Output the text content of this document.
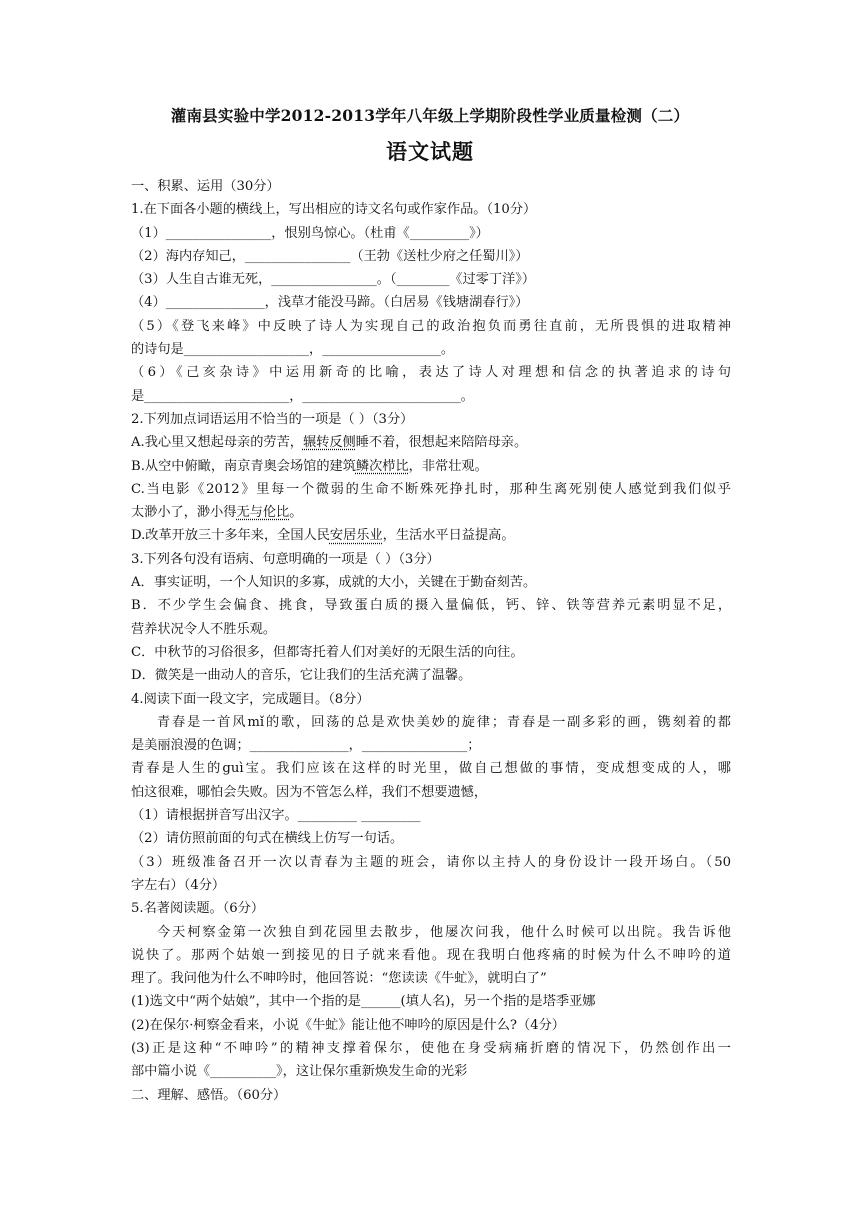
灌南县实验中学2012-2013学年八年级上学期阶段性学业质量检测（二）
语文试题
一、积累、运用（30分）
1.在下面各小题的横线上，写出相应的诗文名句或作家作品。（10分）
（1）________________，恨别鸟惊心。（杜甫《_________》）
（2）海内存知己，________________（王勃《送杜少府之任蜀川》）
（3）人生自古谁无死，________________。（________《过零丁洋》）
（4）_______________，浅草才能没马蹄。（白居易《钱塘湖春行》）
（5）《登飞来峰》中反映了诗人为实现自己的政治抱负而勇往直前，无所畏惧的进取精神
的诗句是___________________，__________________。
（6）《己亥杂诗》中运用新奇的比喻，表达了诗人对理想和信念的执著追求的诗句
是______________________，________________________。
2.下列加点词语运用不恰当的一项是（ ）（3分）
A.我心里又想起母亲的劳苦，辗转反侧睡不着，很想起来陪陪母亲。
B.从空中俯瞰，南京青奥会场馆的建筑鳞次栉比，非常壮观。
C.当电影《2012》里每一个微弱的生命不断殊死挣扎时，那种生离死别使人感觉到我们似乎
太渺小了，渺小得无与伦比。
D.改革开放三十多年来，全国人民安居乐业，生活水平日益提高。
3.下列各句没有语病、句意明确的一项是（ ）（3分）
A．事实证明，一个人知识的多寡，成就的大小，关键在于勤奋刻苦。
B．不少学生会偏食、挑食，导致蛋白质的摄入量偏低，钙、锌、铁等营养元素明显不足，
营养状况令人不胜乐观。
C．中秋节的习俗很多，但都寄托着人们对美好的无限生活的向往。
D．微笑是一曲动人的音乐，它让我们的生活充满了温馨。
4.阅读下面一段文字，完成题目。（8分）
青春是一首风mǐ的歌，回荡的总是欢快美妙的旋律；青春是一副多彩的画，镌刻着的都
是美丽浪漫的色调；_______________，________________；
青春是人生的guì宝。我们应该在这样的时光里，做自己想做的事情，变成想变成的人，哪
怕这很难，哪怕会失败。因为不管怎么样，我们不想要遗憾，
（1）请根据拼音写出汉字。_________ _________
（2）请仿照前面的句式在横线上仿写一句话。
（3）班级准备召开一次以青春为主题的班会，请你以主持人的身份设计一段开场白。（50
字左右）（4分）
5.名著阅读题。（6分）
今天柯察金第一次独自到花园里去散步，他屡次问我，他什么时候可以出院。我告诉他
说快了。那两个姑娘一到接见的日子就来看他。现在我明白他疼痛的时候为什么不呻吟的道
理了。我问他为什么不呻吟时，他回答说：“您读读《牛虻》，就明白了”
(1)选文中“两个姑娘”，其中一个指的是______(填人名)，另一个指的是塔季亚娜
(2)在保尔·柯察金看来，小说《牛虻》能让他不呻吟的原因是什么?（4分）
(3)正是这种“不呻吟”的精神支撑着保尔，使他在身受病痛折磨的情况下，仍然创作出一
部中篇小说《__________》，这让保尔重新焕发生命的光彩
二、理解、感悟。（60分）
